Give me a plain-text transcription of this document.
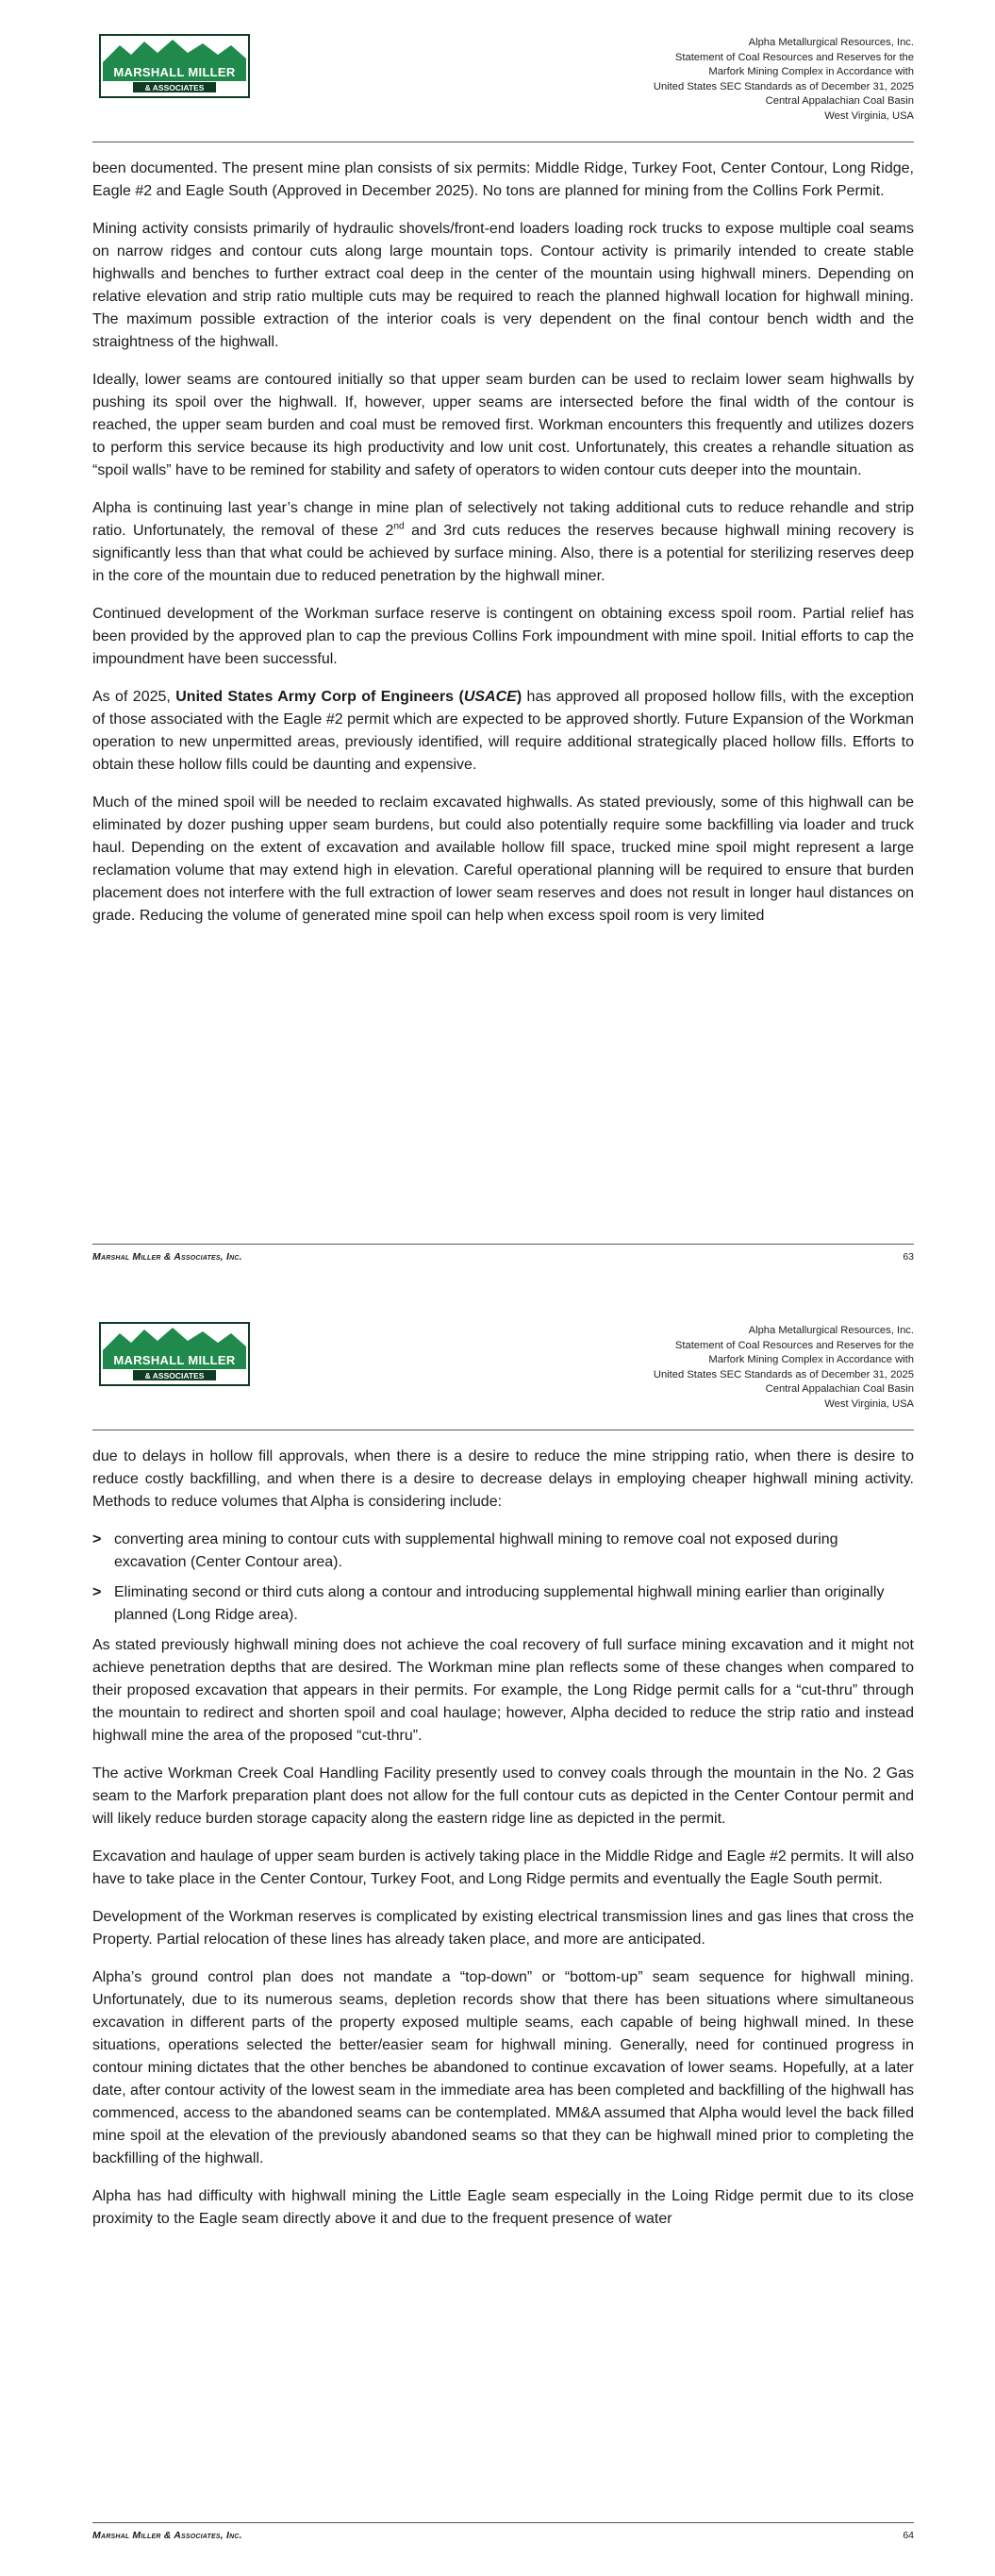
MARSHALL MILLER
& ASSOCIATES
Alpha Metallurgical Resources, Inc.
Statement of Coal Resources and Reserves for the
Marfork Mining Complex in Accordance with
United States SEC Standards as of December 31, 2025
Central Appalachian Coal Basin
West Virginia, USA

been documented. The present mine plan consists of six permits: Middle Ridge, Turkey Foot, Center Contour, Long Ridge, Eagle #2 and Eagle South (Approved in December 2025). No tons are planned for mining from the Collins Fork Permit.

Mining activity consists primarily of hydraulic shovels/front-end loaders loading rock trucks to expose multiple coal seams on narrow ridges and contour cuts along large mountain tops. Contour activity is primarily intended to create stable highwalls and benches to further extract coal deep in the center of the mountain using highwall miners. Depending on relative elevation and strip ratio multiple cuts may be required to reach the planned highwall location for highwall mining. The maximum possible extraction of the interior coals is very dependent on the final contour bench width and the straightness of the highwall.

Ideally, lower seams are contoured initially so that upper seam burden can be used to reclaim lower seam highwalls by pushing its spoil over the highwall. If, however, upper seams are intersected before the final width of the contour is reached, the upper seam burden and coal must be removed first. Workman encounters this frequently and utilizes dozers to perform this service because its high productivity and low unit cost. Unfortunately, this creates a rehandle situation as “spoil walls” have to be remined for stability and safety of operators to widen contour cuts deeper into the mountain.

Alpha is continuing last year’s change in mine plan of selectively not taking additional cuts to reduce rehandle and strip ratio. Unfortunately, the removal of these 2nd and 3rd cuts reduces the reserves because highwall mining recovery is significantly less than that what could be achieved by surface mining. Also, there is a potential for sterilizing reserves deep in the core of the mountain due to reduced penetration by the highwall miner.

Continued development of the Workman surface reserve is contingent on obtaining excess spoil room. Partial relief has been provided by the approved plan to cap the previous Collins Fork impoundment with mine spoil. Initial efforts to cap the impoundment have been successful.

As of 2025, United States Army Corp of Engineers (USACE) has approved all proposed hollow fills, with the exception of those associated with the Eagle #2 permit which are expected to be approved shortly. Future Expansion of the Workman operation to new unpermitted areas, previously identified, will require additional strategically placed hollow fills. Efforts to obtain these hollow fills could be daunting and expensive.

Much of the mined spoil will be needed to reclaim excavated highwalls. As stated previously, some of this highwall can be eliminated by dozer pushing upper seam burdens, but could also potentially require some backfilling via loader and truck haul. Depending on the extent of excavation and available hollow fill space, trucked mine spoil might represent a large reclamation volume that may extend high in elevation. Careful operational planning will be required to ensure that burden placement does not interfere with the full extraction of lower seam reserves and does not result in longer haul distances on grade. Reducing the volume of generated mine spoil can help when excess spoil room is very limited

Marshal Miller & Associates, Inc.	63
MARSHALL MILLER
& ASSOCIATES
Alpha Metallurgical Resources, Inc.
Statement of Coal Resources and Reserves for the
Marfork Mining Complex in Accordance with
United States SEC Standards as of December 31, 2025
Central Appalachian Coal Basin
West Virginia, USA

due to delays in hollow fill approvals, when there is a desire to reduce the mine stripping ratio, when there is desire to reduce costly backfilling, and when there is a desire to decrease delays in employing cheaper highwall mining activity. Methods to reduce volumes that Alpha is considering include:

> converting area mining to contour cuts with supplemental highwall mining to remove coal not exposed during excavation (Center Contour area).
> Eliminating second or third cuts along a contour and introducing supplemental highwall mining earlier than originally planned (Long Ridge area).

As stated previously highwall mining does not achieve the coal recovery of full surface mining excavation and it might not achieve penetration depths that are desired. The Workman mine plan reflects some of these changes when compared to their proposed excavation that appears in their permits. For example, the Long Ridge permit calls for a “cut-thru” through the mountain to redirect and shorten spoil and coal haulage; however, Alpha decided to reduce the strip ratio and instead highwall mine the area of the proposed “cut-thru”.

The active Workman Creek Coal Handling Facility presently used to convey coals through the mountain in the No. 2 Gas seam to the Marfork preparation plant does not allow for the full contour cuts as depicted in the Center Contour permit and will likely reduce burden storage capacity along the eastern ridge line as depicted in the permit.

Excavation and haulage of upper seam burden is actively taking place in the Middle Ridge and Eagle #2 permits. It will also have to take place in the Center Contour, Turkey Foot, and Long Ridge permits and eventually the Eagle South permit.

Development of the Workman reserves is complicated by existing electrical transmission lines and gas lines that cross the Property. Partial relocation of these lines has already taken place, and more are anticipated.

Alpha’s ground control plan does not mandate a “top-down” or “bottom-up” seam sequence for highwall mining. Unfortunately, due to its numerous seams, depletion records show that there has been situations where simultaneous excavation in different parts of the property exposed multiple seams, each capable of being highwall mined. In these situations, operations selected the better/easier seam for highwall mining. Generally, need for continued progress in contour mining dictates that the other benches be abandoned to continue excavation of lower seams. Hopefully, at a later date, after contour activity of the lowest seam in the immediate area has been completed and backfilling of the highwall has commenced, access to the abandoned seams can be contemplated. MM&A assumed that Alpha would level the back filled mine spoil at the elevation of the previously abandoned seams so that they can be highwall mined prior to completing the backfilling of the highwall.

Alpha has had difficulty with highwall mining the Little Eagle seam especially in the Loing Ridge permit due to its close proximity to the Eagle seam directly above it and due to the frequent presence of water

Marshal Miller & Associates, Inc.	64
